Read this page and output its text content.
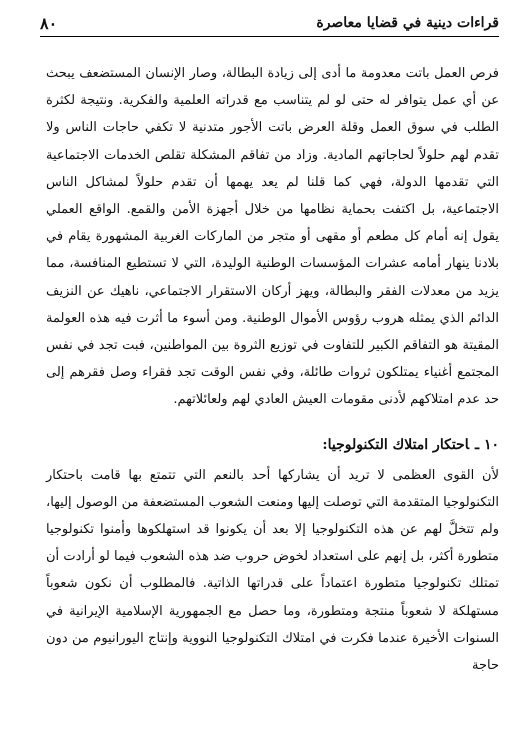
٨٠	قراءات دينية في قضايا معاصرة

فرص العمل باتت معدومة ما أدى إلى زيادة البطالة، وصار الإنسان المستضعف يبحث عن أي عمل يتوافر له حتى لو لم يتناسب مع قدراته العلمية والفكرية. ونتيجة لكثرة الطلب في سوق العمل وقلة العرض باتت الأجور متدنية لا تكفي حاجات الناس ولا تقدم لهم حلولاً لحاجاتهم المادية. وزاد من تفاقم المشكلة تقلص الخدمات الاجتماعية التي تقدمها الدولة، فهي كما قلنا لم يعد يهمها أن تقدم حلولاً لمشاكل الناس الاجتماعية، بل اكتفت بحماية نظامها من خلال أجهزة الأمن والقمع. الواقع العملي يقول إنه أمام كل مطعم أو مقهى أو متجر من الماركات الغربية المشهورة يقام في بلادنا ينهار أمامه عشرات المؤسسات الوطنية الوليدة، التي لا تستطيع المنافسة، مما يزيد من معدلات الفقر والبطالة، ويهز أركان الاستقرار الاجتماعي، ناهيك عن النزيف الدائم الذي يمثله هروب رؤوس الأموال الوطنية. ومن أسوء ما أثرت فيه هذه العولمة المقيتة هو التفاقم الكبير للتفاوت في توزيع الثروة بين المواطنين، فبت تجد في نفس المجتمع أغنياء يمتلكون ثروات طائلة، وفي نفس الوقت تجد فقراء وصل فقرهم إلى حد عدم امتلاكهم لأدنى مقومات العيش العادي لهم ولعائلاتهم.

١٠ ـاحتكار امتلاك التكنولوجيا:

لأن القوى العظمى لا تريد أن يشاركها أحد بالنعم التي تتمتع بها قامت باحتكار التكنولوجيا المتقدمة التي توصلت إليها ومنعت الشعوب المستضعفة من الوصول إليها، ولم تتخلَّ لهم عن هذه التكنولوجيا إلا بعد أن يكونوا قد استهلكوها وأمنوا تكنولوجيا متطورة أكثر، بل إنهم على استعداد لخوض حروب ضد هذه الشعوب فيما لو أرادت أن تمتلك تكنولوجيا متطورة اعتماداً على قدراتها الذاتية. فالمطلوب أن نكون شعوباً مستهلكة لا شعوباً منتجة ومتطورة، وما حصل مع الجمهورية الإسلامية الإيرانية في السنوات الأخيرة عندما فكرت في امتلاك التكنولوجيا النووية وإنتاج اليورانيوم من دون حاجة
